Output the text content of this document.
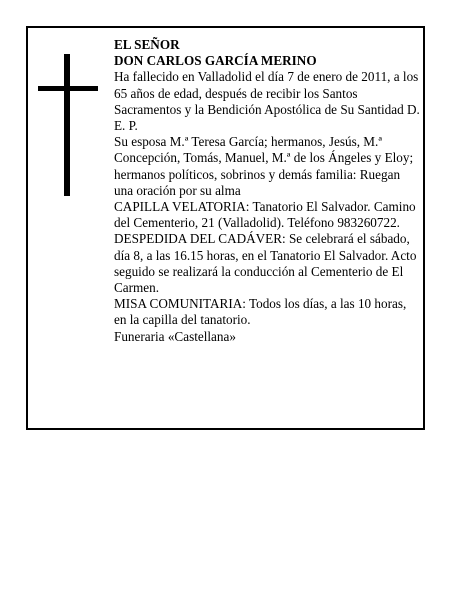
EL SEÑOR

DON CARLOS GARCÍA MERINO

Ha fallecido en Valladolid el día 7 de enero de 2011, a los 65 años de edad, después de recibir los Santos Sacramentos y la Bendición Apostólica de Su Santidad D. E. P.

Su esposa M.ª Teresa García; hermanos, Jesús, M.ª Concepción, Tomás, Manuel, M.ª de los Ángeles y Eloy; hermanos políticos, sobrinos y demás familia: Ruegan una oración por su alma

CAPILLA VELATORIA: Tanatorio El Salvador. Camino del Cementerio, 21 (Valladolid). Teléfono 983260722.

DESPEDIDA DEL CADÁVER: Se celebrará el sábado, día 8, a las 16.15 horas, en el Tanatorio El Salvador. Acto seguido se realizará la conducción al Cementerio de El Carmen.

MISA COMUNITARIA: Todos los días, a las 10 horas, en la capilla del tanatorio.

Funeraria «Castellana»
